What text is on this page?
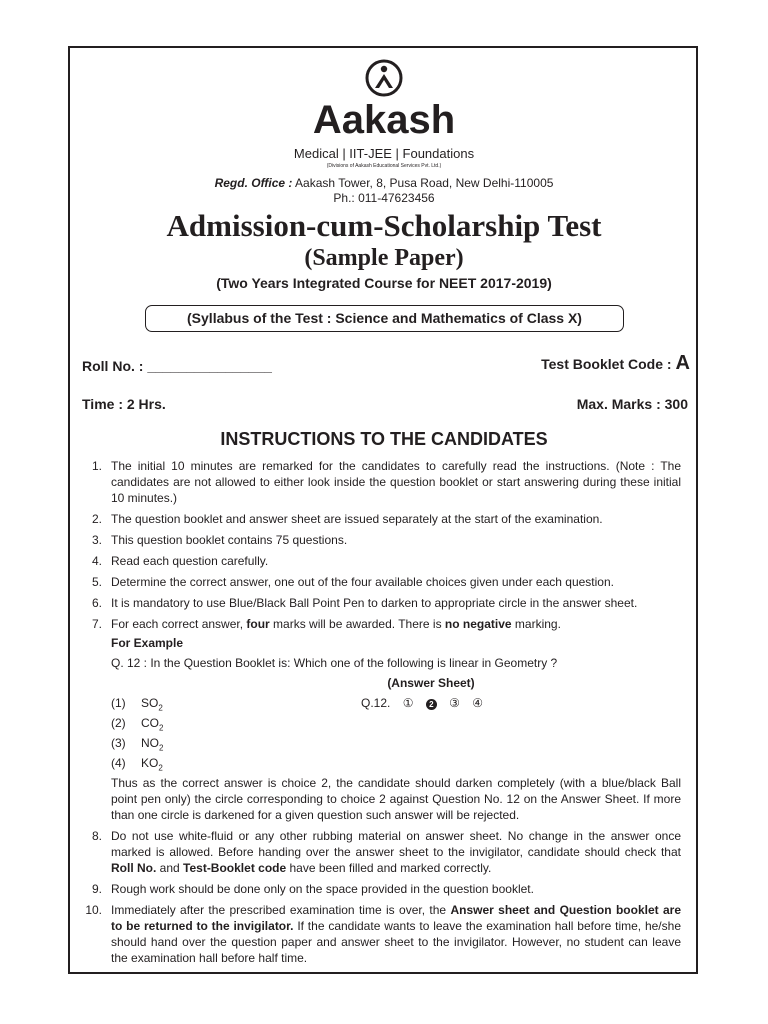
Aakash
Medical | IIT-JEE | Foundations
(Divisions of Aakash Educational Services Pvt. Ltd.)
Regd. Office : Aakash Tower, 8, Pusa Road, New Delhi-110005
Ph.: 011-47623456
Admission-cum-Scholarship Test
(Sample Paper)
(Two Years Integrated Course for NEET 2017-2019)
(Syllabus of the Test : Science and Mathematics of Class X)
Roll No. : ________________	Test Booklet Code : A
Time : 2 Hrs.	Max. Marks : 300
INSTRUCTIONS TO THE CANDIDATES
1. The initial 10 minutes are remarked for the candidates to carefully read the instructions. (Note : The candidates are not allowed to either look inside the question booklet or start answering during these initial 10 minutes.)

2. The question booklet and answer sheet are issued separately at the start of the examination.

3. This question booklet contains 75 questions.

4. Read each question carefully.

5. Determine the correct answer, one out of the four available choices given under each question.

6. It is mandatory to use Blue/Black Ball Point Pen to darken to appropriate circle in the answer sheet.

7. For each correct answer, four marks will be awarded. There is no negative marking.

For Example
Q. 12 : In the Question Booklet is: Which one of the following is linear in Geometry ?
(Answer Sheet)
(1) $SO_2$
(2) $CO_2$
(3) $NO_2$
(4) $KO_2$
Q.12. ① 2 ③ ④

Thus as the correct answer is choice 2, the candidate should darken completely (with a blue/black Ball point pen only) the circle corresponding to choice 2 against Question No. 12 on the Answer Sheet. If more than one circle is darkened for a given question such answer will be rejected.

8. Do not use white-fluid or any other rubbing material on answer sheet. No change in the answer once marked is allowed. Before handing over the answer sheet to the invigilator, candidate should check that Roll No. and Test-Booklet code have been filled and marked correctly.

9. Rough work should be done only on the space provided in the question booklet.

10. Immediately after the prescribed examination time is over, the Answer sheet and Question booklet are to be returned to the invigilator. If the candidate wants to leave the examination hall before time, he/she should hand over the question paper and answer sheet to the invigilator. However, no student can leave the examination hall before half time.
